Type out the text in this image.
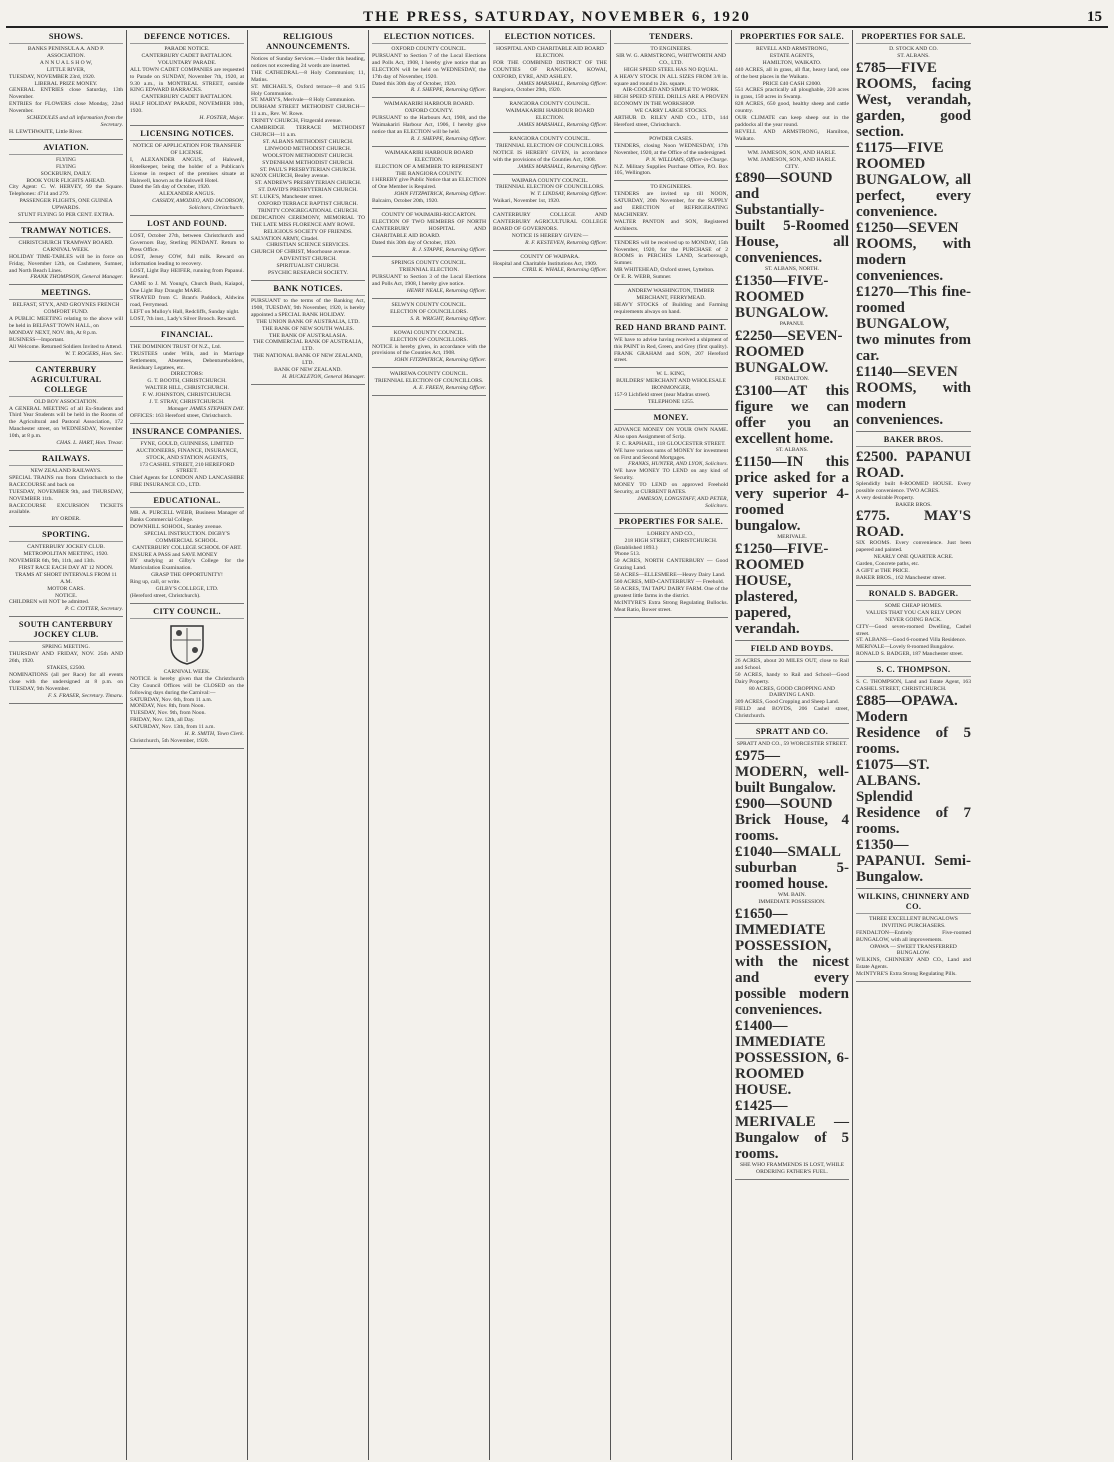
THE PRESS, SATURDAY, NOVEMBER 6, 1920	15
SHOWS.
BANKS PENINSULA A. AND P. ASSOCIATION.
A N N U A L S H O W,
LITTLE RIVER,
TUESDAY, NOVEMBER 23rd, 1920.
LIBERAL PRIZE MONEY.
GENERAL ENTRIES close Saturday, 13th November.
ENTRIES for FLOWERS close Monday, 22nd November.
SCHEDULES and all information from the Secretary.
H. LEWTHWAITE, Little River.
AVIATION.
FLYING
FLYING
SOCKBURN, DAILY.
BOOK YOUR FLIGHTS AHEAD.
City Agent: C. W. HERVEY, 99 the Square. Telephones: 4714 and 279.
PASSENGER FLIGHTS, ONE GUINEA UPWARDS.
STUNT FLYING 50 PER CENT. EXTRA.
TRAMWAY NOTICES.
CHRISTCHURCH TRAMWAY BOARD.
CARNIVAL WEEK.
HOLIDAY TIME-TABLES will be in force on Friday, November 12th, on Cashmere, Sumner, and North Beach Lines.
FRANK THOMPSON, General Manager.
MEETINGS.
BELFAST, STYX, AND GROYNES FRENCH COMFORT FUND.
A PUBLIC MEETING relating to the above will be held in BELFAST TOWN HALL, on
MONDAY NEXT, NOV. 8th, At 8 p.m.
BUSINESS—Important.
All Welcome. Returned Soldiers Invited to Attend.
W. T. ROGERS, Hon. Sec.
CANTERBURY AGRICULTURAL COLLEGE
OLD BOY ASSOCIATION.
A GENERAL MEETING of all Ex-Students and Third Year Students will be held in the Rooms of the Agricultural and Pastoral Association, 172 Manchester street, on WEDNESDAY, November 10th, at 8 p.m.
CHAS. L. HART, Hon. Treasr.
RAILWAYS.
NEW ZEALAND RAILWAYS.
SPECIAL TRAINS run from Christchurch to the RACECOURSE and back on
TUESDAY, NOVEMBER 9th, and THURSDAY, NOVEMBER 11th.
RACECOURSE EXCURSION TICKETS available.
BY ORDER.
SPORTING.
CANTERBURY JOCKEY CLUB.
METROPOLITAN MEETING, 1920.
NOVEMBER 6th, 9th, 11th, and 13th.
FIRST RACE EACH DAY AT 12 NOON.
TRAMS AT SHORT INTERVALS FROM 11 A.M.
MOTOR CARS.
NOTICE.
CHILDREN will NOT be admitted.
P. C. COTTER, Secretary.
SOUTH CANTERBURY JOCKEY CLUB.
SPRING MEETING.
THURSDAY AND FRIDAY, NOV. 25th AND 26th, 1920.
STAKES, £2500.
NOMINATIONS (all per Race) for all events close with the undersigned at 8 p.m. on TUESDAY, 9th November.
F. S. FRASER, Secretary. Timaru.
DEFENCE NOTICES.
PARADE NOTICE.
CANTERBURY CADET BATTALION.
VOLUNTARY PARADE.
ALL TOWN CADET COMPANIES are requested to Parade on SUNDAY, November 7th, 1920, at 9.30 a.m., in MONTREAL STREET, outside KING EDWARD BARRACKS.
CANTERBURY CADET BATTALION.
HALF HOLIDAY PARADE, NOVEMBER 10th, 1920.
H. FOSTER, Major.
LICENSING NOTICES.
NOTICE OF APPLICATION FOR TRANSFER OF LICENSE.
I, ALEXANDER ANGUS, of Halswell, Hotelkeeper, being the holder of a Publican's License in respect of the premises situate at Halswell, known as the Halswell Hotel.
Dated the 5th day of October, 1920.
ALEXANDER ANGUS.
CASSIDY, AMODEO, AND JACOBSON, Solicitors, Christchurch.
LOST AND FOUND.
LOST, October 27th, between Christchurch and Governors Bay, Sterling PENDANT. Return to Press Office.
LOST, Jersey COW, full milk. Reward on information leading to recovery.
LOST, Light Bay HEIFER, running from Papanui. Reward.
CAME to J. M. Young's, Church Bush, Kaiapoi, One Light Bay Draught MARE.
STRAYED from C. Brant's Paddock, Aldwins road, Ferrymead.
LEFT on Mulloy's Hall, Redcliffs, Sunday night.
LOST, 7th inst., Lady's Silver Brooch. Reward.
FINANCIAL.
THE DOMINION TRUST Of N.Z., Ltd.
TRUSTEES under Wills, and in Marriage Settlements, Absentees, Debenturebolders, Residuary Legatees, etc.
DIRECTORS:
G. T. BOOTH, CHRISTCHURCH.
WALTER HILL, CHRISTCHURCH.
F. W. JOHNSTON, CHRISTCHURCH.
J. T. STRAY, CHRISTCHURCH.
Manager JAMES STEPHEN DAY.
OFFICES: 163 Hereford street, Christchurch.
INSURANCE COMPANIES.
FYNE, GOULD, GUINNESS, LIMITED
AUCTIONEERS, FINANCE, INSURANCE, STOCK, AND STATION AGENTS,
173 CASHEL STREET, 210 HEREFORD STREET.
Chief Agents for LONDON AND LANCASHIRE FIRE INSURANCE CO., LTD.
EDUCATIONAL.
MR. A. PURCELL WEBB, Business Manager of Banks Commercial College.
DOWNHILL SOHOOL, Stanley avenue.
SPECIAL INSTRUCTION. DIGBY'S COMMERCIAL SCHOOL.
CANTERBURY COLLEGE SCHOOL OF ART.
ENSURE A PASS and SAVE MONEY
BY studying at Gilby's College for the Matriculation Examination.
GRASP THE OPPORTUNITY!
Ring up, call, or write.
GILBY'S COLLEGE, LTD.
(Hereford street, Christchurch).
CITY COUNCIL.
CARNIVAL WEEK.
NOTICE is hereby given that the Christchurch City Council Offices will be CLOSED on the following days during the Carnival:—
SATURDAY, Nov. 6th, from 11 a.m.
MONDAY, Nov. 8th, from Noon.
TUESDAY, Nov. 9th, from Noon.
FRIDAY, Nov. 12th, all Day.
SATURDAY, Nov. 13th, from 11 a.m.
H. R. SMITH, Town Clerk.
Christchurch, 5th November, 1920.
RELIGIOUS ANNOUNCEMENTS.
Notices of Sunday Services.—Under this heading, notices not exceeding 24 words are inserted.
THE CATHEDRAL—8 Holy Communion; 11, Matins.
ST. MICHAEL'S, Oxford terrace—8 and 9.15 Holy Communion.
ST. MARY'S, Merivale—8 Holy Communion.
DURHAM STREET METHODIST CHURCH—11 a.m., Rev. W. Rowe.
TRINITY CHURCH, Fitzgerald avenue.
CAMBRIDGE TERRACE METHODIST CHURCH—11 a.m.
ST. ALBANS METHODIST CHURCH.
LINWOOD METHODIST CHURCH.
WOOLSTON METHODIST CHURCH.
SYDENHAM METHODIST CHURCH.
ST. PAUL'S PRESBYTERIAN CHURCH.
KNOX CHURCH, Bealey avenue.
ST. ANDREW'S PRESBYTERIAN CHURCH.
ST. DAVID'S PRESBYTERIAN CHURCH.
ST. LUKE'S, Manchester street.
OXFORD TERRACE BAPTIST CHURCH.
TRINITY CONGREGATIONAL CHURCH.
DEDICATION CEREMONY, MEMORIAL TO THE LATE MISS FLORENCE AMY ROWE.
RELIGIOUS SOCIETY OF FRIENDS.
SALVATION ARMY, Citadel.
CHRISTIAN SCIENCE SERVICES.
CHURCH OF CHRIST, Moorhouse avenue.
ADVENTIST CHURCH.
SPIRITUALIST CHURCH.
PSYCHIC RESEARCH SOCIETY.
BANK NOTICES.
PURSUANT to the terms of the Banking Act, 1908, TUESDAY, 9th November, 1920, is hereby appointed a SPECIAL BANK HOLIDAY.
THE UNION BANK OF AUSTRALIA, LTD.
THE BANK OF NEW SOUTH WALES.
THE BANK OF AUSTRALASIA.
THE COMMERCIAL BANK OF AUSTRALIA, LTD.
THE NATIONAL BANK OF NEW ZEALAND, LTD.
BANK OF NEW ZEALAND.
H. BUCKLETON, General Manager.
ELECTION NOTICES.
OXFORD COUNTY COUNCIL.
PURSUANT to Section 7 of the Local Elections and Polls Act, 1908, I hereby give notice that an ELECTION will be held on WEDNESDAY, the 17th day of November, 1920.
Dated this 30th day of October, 1920.
R. J. SHEPPE, Returning Officer.
WAIMAKARIRI HARBOUR BOARD.
OXFORD COUNTY.
PURSUANT to the Harbours Act, 1908, and the Waimakariri Harbour Act, 1906, I hereby give notice that an ELECTION will be held.
R. J. SHEPPE, Returning Officer.
WAIMAKARIRI HARBOUR BOARD ELECTION.
ELECTION OF A MEMBER TO REPRESENT THE RANGIORA COUNTY.
I HEREBY give Public Notice that an ELECTION of One Member is Required.
JOHN FITZPATRICK, Returning Officer.
Balcairn, October 20th, 1920.
COUNTY OF WAIMAIRI-RICCARTON.
ELECTION OF TWO MEMBERS OF NORTH CANTERBURY HOSPITAL AND CHARITABLE AID BOARD.
Dated this 30th day of October, 1920.
R. J. STAPPE, Returning Officer.
SPRINGS COUNTY COUNCIL.
TRIENNIAL ELECTION.
PURSUANT to Section 3 of the Local Elections and Polls Act, 1908, I hereby give notice.
HENRY NEALE, Returning Officer.
SELWYN COUNTY COUNCIL.
ELECTION OF COUNCILLORS.
S. R. WRIGHT, Returning Officer.
KOWAI COUNTY COUNCIL.
ELECTION OF COUNCILLORS.
NOTICE is hereby given, in accordance with the provisions of the Counties Act, 1908.
JOHN FITZPATRICK, Returning Officer.
WAIREWA COUNTY COUNCIL.
TRIENNIAL ELECTION OF COUNCILLORS.
A. E. FREEN, Returning Officer.
ELECTION NOTICES.
HOSPITAL AND CHARITABLE AID BOARD ELECTION.
FOR THE COMBINED DISTRICT OF THE COUNTIES OF RANGIORA, KOWAI, OXFORD, EYRE, AND ASHLEY.
JAMES MARSHALL, Returning Officer.
Rangiora, October 29th, 1920.
RANGIORA COUNTY COUNCIL.
WAIMAKARIRI HARBOUR BOARD ELECTION.
JAMES MARSHALL, Returning Officer.
RANGIORA COUNTY COUNCIL.
TRIENNIAL ELECTION OF COUNCILLORS.
NOTICE IS HEREBY GIVEN, in accordance with the provisions of the Counties Act, 1908.
JAMES MARSHALL, Returning Officer.
WAIPARA COUNTY COUNCIL.
TRIENNIAL ELECTION OF COUNCILLORS.
W. T. LINDSAY, Returning Officer.
Waikari, November 1st, 1920.
CANTERBURY COLLEGE AND CANTERBURY AGRICULTURAL COLLEGE BOARD OF GOVERNORS.
NOTICE IS HEREBY GIVEN:—
R. F. KESTEVEN, Returning Officer.
COUNTY OF WAIPARA.
Hospital and Charitable Institutions Act, 1909.
CYRIL K. WHALE, Returning Officer.
TENDERS.
TO ENGINEERS.
SIR W. G. ARMSTRONG, WHITWORTH AND CO., LTD.
HIGH SPEED STEEL HAS NO EQUAL.
A HEAVY STOCK IN ALL SIZES FROM 3/8 in. square and round to 2in. square.
AIR-COOLED AND SIMPLE TO WORK.
HIGH SPEED STEEL DRILLS ARE A PROVEN ECONOMY IN THE WORKSHOP.
WE CARRY LARGE STOCKS.
ARTHUR D. RILEY AND CO., LTD., 144 Hereford street, Christchurch.
POWDER CASES.
TENDERS, closing Noon WEDNESDAY, 17th November, 1920, at the Office of the undersigned.
P. N. WILLIAMS, Officer-in-Charge.
N.Z. Military Supplies Purchase Office, P.O. Box 105, Wellington.
TO ENGINEERS.
TENDERS are invited up till NOON, SATURDAY, 20th November, for the SUPPLY and ERECTION of REFRIGERATING MACHINERY.
WALTER PANTON and SON, Registered Architects.
TENDERS will be received up to MONDAY, 15th November, 1920, for the PURCHASE of 2 ROOMS in PERCHES LAND, Scarborough, Sumner.
MR WHITEHEAD, Oxford street, Lyttelton.
Or E. R. WEBB, Sumner.
ANDREW WASHINGTON, TIMBER MERCHANT, FERRYMEAD.
HEAVY STOCKS of Building and Farming requirements always on hand.
RED HAND BRAND PAINT.
WE have to advise having received a shipment of this PAINT in Red, Green, and Grey (first quality).
FRANK GRAHAM and SON, 207 Hereford street.
W. L. KING,
BUILDERS' MERCHANT AND WHOLESALE IRONMONGER,
157-9 Lichfield street (near Madras street).
TELEPHONE 1255.
MONEY.
ADVANCE MONEY ON YOUR OWN NAME. Also upon Assignment of Scrip.
F. C. RAPHAEL, 118 GLOUCESTER STREET.
WE have various sums of MONEY for investment on First and Second Mortgages.
FRANKS, HUNTER, AND LYON, Solicitors.
WE have MONEY TO LEND on any kind of Security.
MONEY TO LEND on approved Freehold Security, at CURRENT RATES.
JAMESON, LONGSTAFF, AND PETER, Solicitors.
PROPERTIES FOR SALE.
LOHREY AND CO.,
218 HIGH STREET, CHRISTCHURCH.
(Established 1893.)
'Phone 513.
50 ACRES, NORTH CANTERBURY — Good Grazing Land.
50 ACRES—ELLESMERE—Heavy Dairy Land.
560 ACRES, MID-CANTERBURY — Freehold.
50 ACRES, TAI TAPU DAIRY FARM. One of the greatest little farms in the district.
McINTYRE'S Extra Strong Regulating Bullocks. Meat Ratio, Bower street.
PROPERTIES FOR SALE.
REVELL AND ARMSTRONG,
ESTATE AGENTS,
HAMILTON, WAIKATO.
440 ACRES, all in grass, all flat, heavy land, one of the best places in the Waikato.
PRICE £40 CASH £2000.
551 ACRES practically all ploughable, 220 acres in grass, 150 acres in Swamp.
828 ACRES, 650 good, healthy sheep and cattle country.
OUR CLIMATE can keep sheep out in the paddocks all the year round.
REVELL AND ARMSTRONG, Hamilton, Waikato.
WM. JAMESON, SON, AND HARLE.
WM. JAMESON, SON, AND HARLE.
CITY.
£890—SOUND and Substantially-built 5-Roomed House, all conveniences.
ST. ALBANS, NORTH.
£1350—FIVE-ROOMED BUNGALOW.
PAPANUI.
£2250—SEVEN-ROOMED BUNGALOW.
FENDALTON.
£3100—AT this figure we can offer you an excellent home.
ST. ALBANS.
£1150—IN this price asked for a very superior 4-roomed bungalow.
MERIVALE.
£1250—FIVE-ROOMED HOUSE, plastered, papered, verandah.
FIELD AND BOYDS.
26 ACRES, about 20 MILES OUT, close to Rail and School.
50 ACRES, handy to Rail and School—Good Dairy Property.
80 ACRES, GOOD CROPPING AND DAIRYING LAND.
309 ACRES, Good Cropping and Sheep Land.
FIELD and BOYDS, 206 Cashel street, Christchurch.
SPRATT AND CO.
SPRATT AND CO., 59 WORCESTER STREET.
£975—MODERN, well-built Bungalow.
£900—SOUND Brick House, 4 rooms.
£1040—SMALL suburban 5-roomed house.
WM. BAIN.
IMMEDIATE POSSESSION.
£1650—IMMEDIATE POSSESSION, with the nicest and every possible modern conveniences.
£1400—IMMEDIATE POSSESSION, 6-ROOMED HOUSE.
£1425—MERIVALE — Bungalow of 5 rooms.
SHE WHO FRAMMENDS IS LOST, WHILE ORDERING FATHER'S FUEL.
PROPERTIES FOR SALE.
D. STOCK AND CO.
ST. ALBANS.
£785—FIVE ROOMS, facing West, verandah, garden, good section.
£1175—FIVE ROOMED BUNGALOW, all perfect, every convenience.
£1250—SEVEN ROOMS, with modern conveniences.
£1270—This fine-roomed BUNGALOW, two minutes from car.
£1140—SEVEN ROOMS, with modern conveniences.
BAKER BROS.
£2500. PAPANUI ROAD.
Splendidly built 8-ROOMED HOUSE. Every possible convenience. TWO ACRES.
A very desirable Property.
BAKER BROS.
£775. MAY'S ROAD.
SIX ROOMS. Every convenience. Just been papered and painted.
NEARLY ONE QUARTER ACRE.
Garden, Concrete paths, etc.
A GIFT at THE PRICE.
BAKER BROS., 162 Manchester street.
RONALD S. BADGER.
SOME CHEAP HOMES.
VALUES THAT YOU CAN RELY UPON NEVER GOING BACK.
CITY—Good seven-roomed Dwelling, Cashel street.
ST. ALBANS—Good 6-roomed Villa Residence.
MERIVALE—Lovely 8-roomed Bungalow.
RONALD S. BADGER, 187 Manchester street.
S. C. THOMPSON.
S. C. THOMPSON, Land and Estate Agent, 163 CASHEL STREET, CHRISTCHURCH.
£885—OPAWA. Modern Residence of 5 rooms.
£1075—ST. ALBANS. Splendid Residence of 7 rooms.
£1350—PAPANUI. Semi-Bungalow.
WILKINS, CHINNERY AND CO.
THREE EXCELLENT BUNGALOWS INVITING PURCHASERS.
FENDALTON—Entirely Five-roomed BUNGALOW, with all improvements.
OPAWA — SWEET TRANSFERRED BUNGALOW.
WILKINS, CHINNERY AND CO., Land and Estate Agents.
McINTYRE'S Extra Strong Regulating Pills.
